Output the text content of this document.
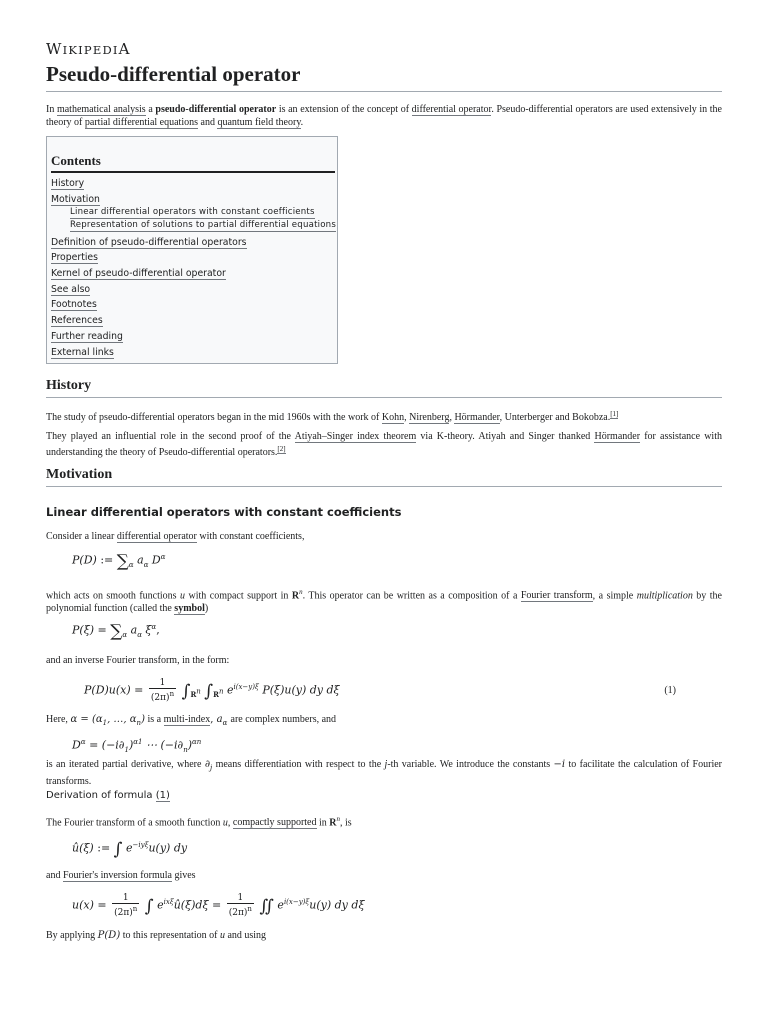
WIKIPEDIA
Pseudo-differential operator
In mathematical analysis a pseudo-differential operator is an extension of the concept of differential operator. Pseudo-differential operators are used extensively in the theory of partial differential equations and quantum field theory.
Contents
History
Motivation
Linear differential operators with constant coefficients
Representation of solutions to partial differential equations
Definition of pseudo-differential operators
Properties
Kernel of pseudo-differential operator
See also
Footnotes
References
Further reading
External links
History
The study of pseudo-differential operators began in the mid 1960s with the work of Kohn, Nirenberg, Hörmander, Unterberger and Bokobza.[1]
They played an influential role in the second proof of the Atiyah–Singer index theorem via K-theory. Atiyah and Singer thanked Hörmander for assistance with understanding the theory of Pseudo-differential operators.[2]
Motivation
Linear differential operators with constant coefficients
Consider a linear differential operator with constant coefficients,
P(D) := $\sum_\alpha$ $a_\alpha$ $D^\alpha$
which acts on smooth functions u with compact support in $R^n$. This operator can be written as a composition of a Fourier transform, a simple multiplication by the polynomial function (called the symbol)
$P(\xi) = \sum_\alpha$ $a_\alpha$ $\xi^\alpha$,
and an inverse Fourier transform, in the form:
$P(D)u(x) = \frac{1}{(2\pi)^n} \int_{R^n}$ $\int_{R^n}$ $e^{i(x-y)\xi}$ P(ξ)u(y) dy dξ	(1)
Here, $\alpha = (\alpha_1$, …, $\alpha_n$) is a multi-index, $a_\alpha$ are complex numbers, and
$D^\alpha = (-i\partial_1)^{\alpha 1}$ ⋯ $(-i\partial_n)^{\alpha n}$
is an iterated partial derivative, where $\partial_j$ means differentiation with respect to the j-th variable. We introduce the constants −i to facilitate the calculation of Fourier transforms.
Derivation of formula (1)
The Fourier transform of a smooth function u, compactly supported in $R^n$, is
û(ξ) := ∫ $e^{-iy\xi}u(y)$ dy
and Fourier's inversion formula gives
$u(x) = \frac{1}{(2\pi)^n}$ ∫ $e^{ix\xi}û(\xi)d\xi = \frac{1}{(2\pi)^n}$ ∬ $e^{i(x-y)\xi}u(y)$ dy dξ
By applying P(D) to this representation of u and using
